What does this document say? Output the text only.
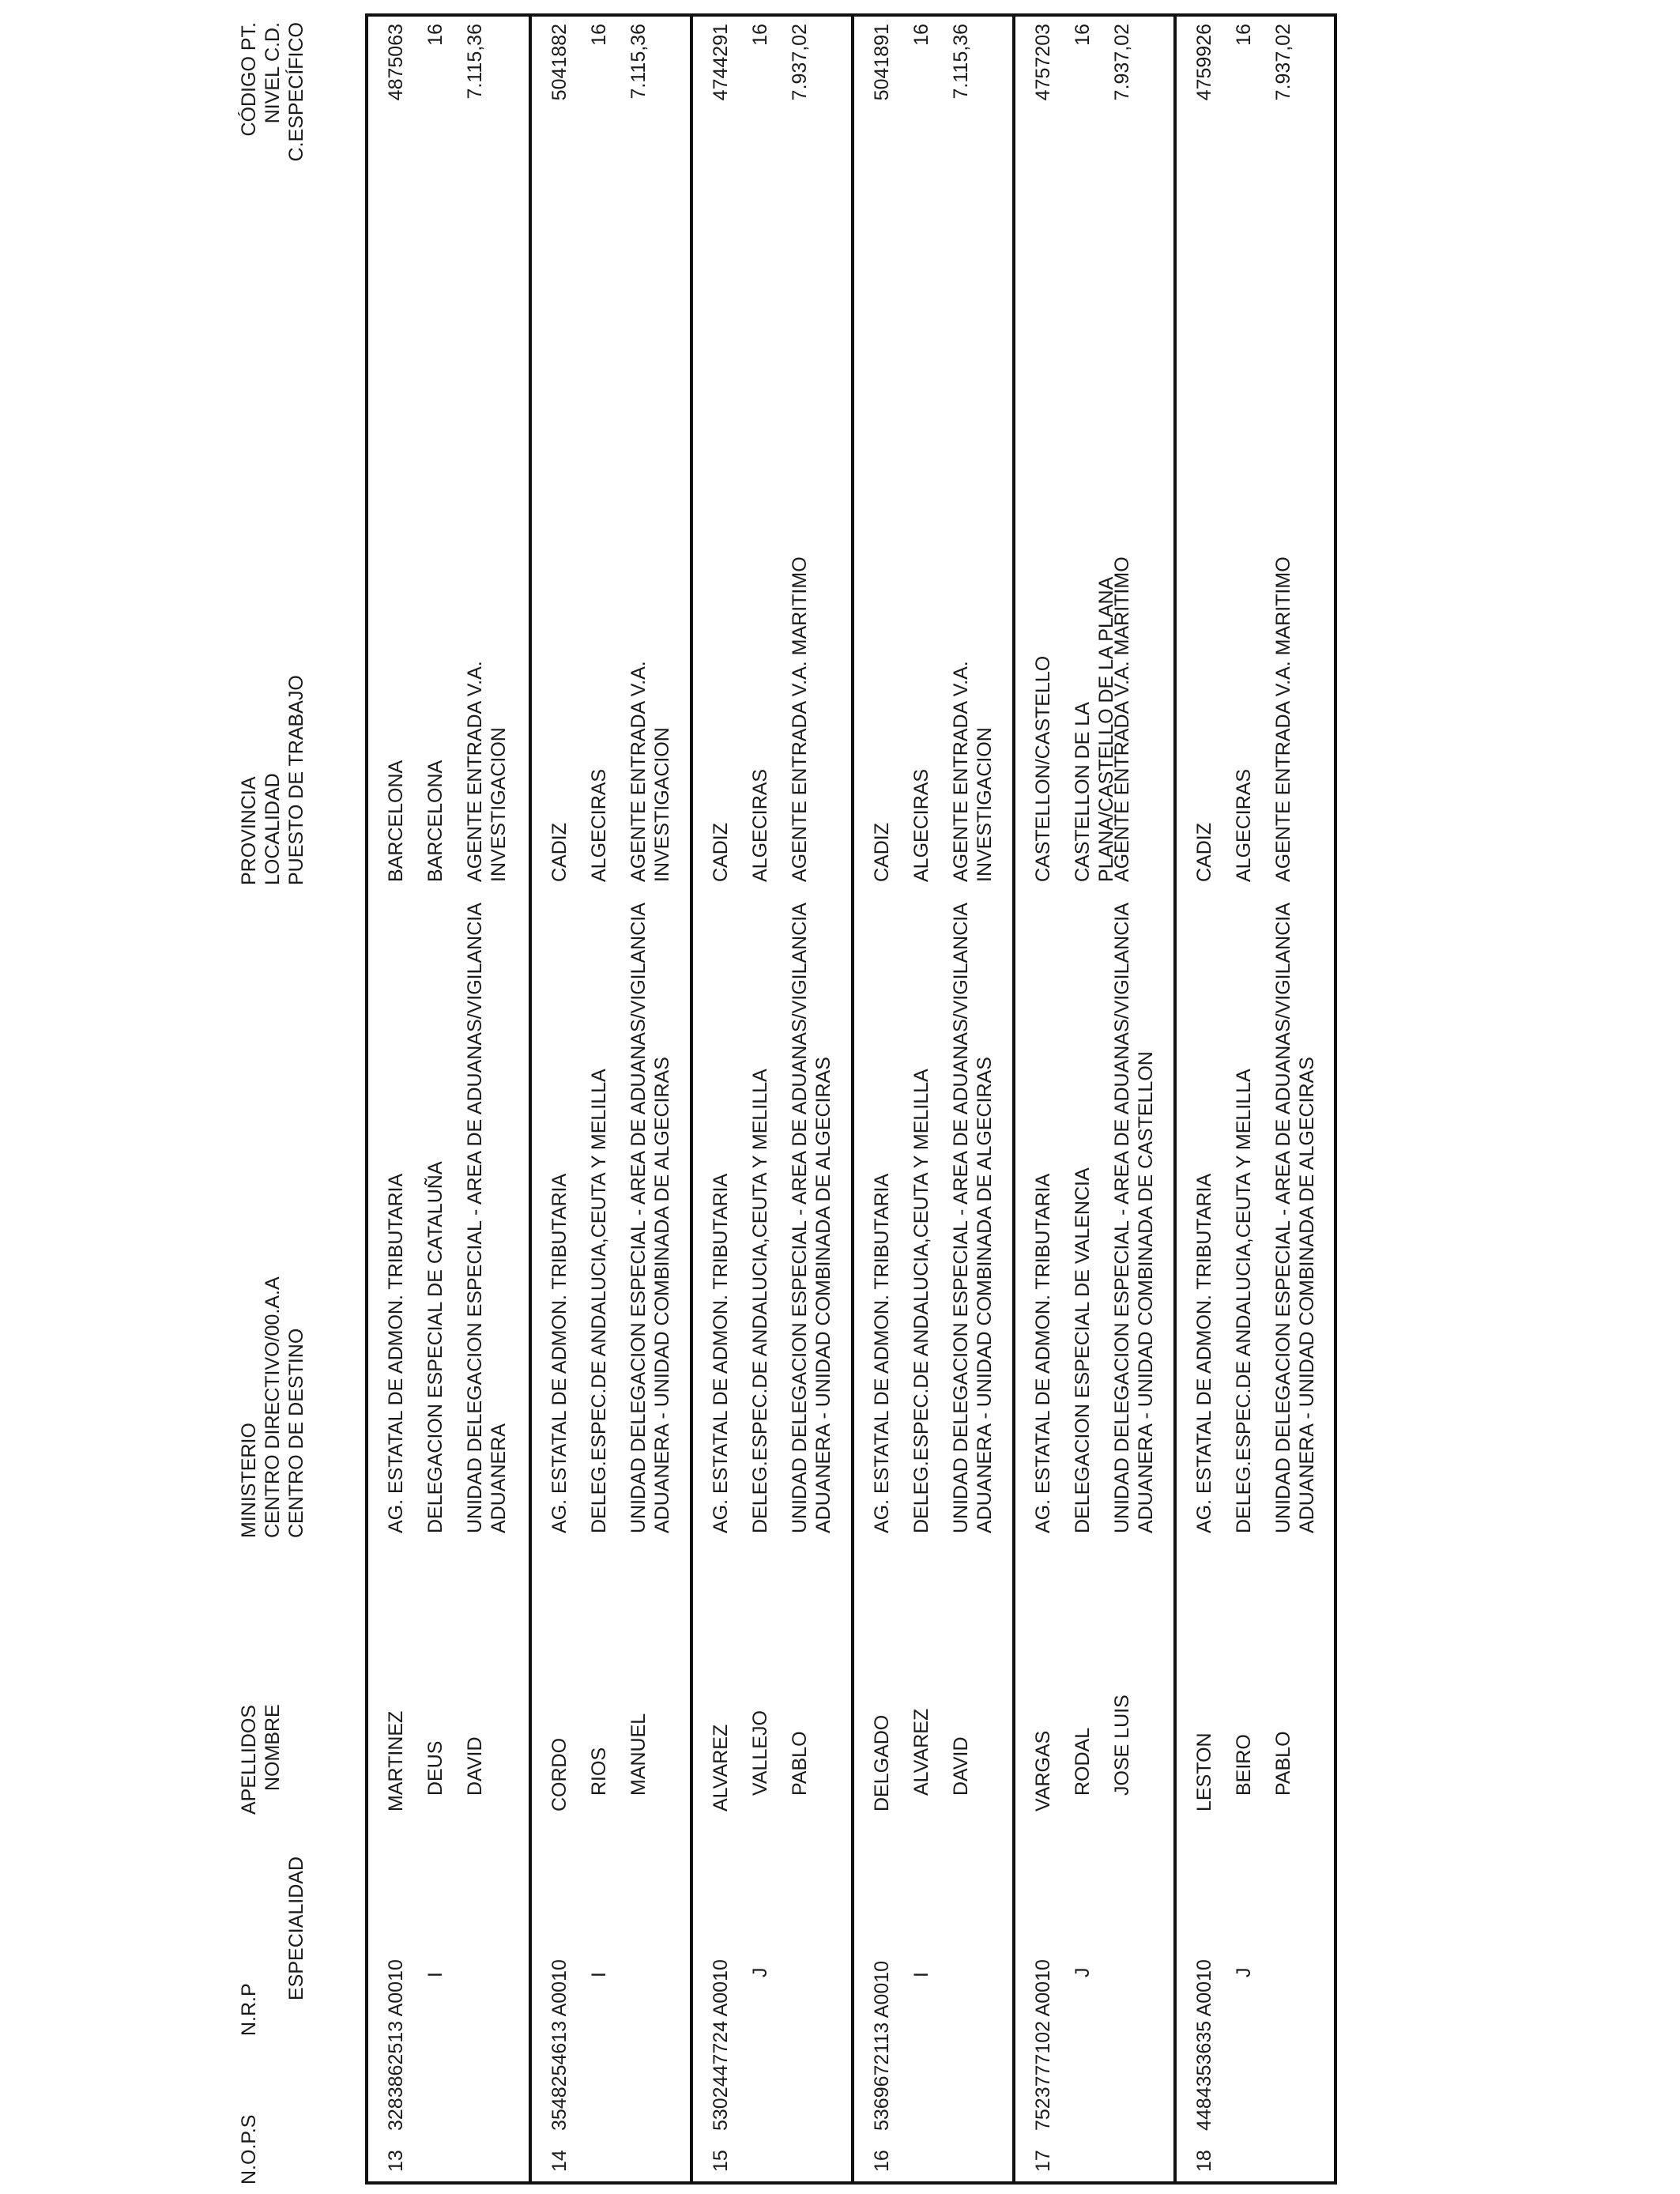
N.O.P.S
N.R.P
ESPECIALIDAD
APELLIDOS NOMBRE
MINISTERIO CENTRO DIRECTIVO/00.A.A CENTRO DE DESTINO
PROVINCIA LOCALIDAD PUESTO DE TRABAJO
CÓDIGO PT. NIVEL C.D. C.ESPECÍFICO
13
3283862513 A0010 I
MARTINEZ DEUS DAVID
AG. ESTATAL DE ADMON. TRIBUTARIA DELEGACION ESPECIAL DE CATALUÑA UNIDAD DELEGACION ESPECIAL - AREA DE ADUANAS/VIGILANCIA ADUANERA
BARCELONA BARCELONA AGENTE ENTRADA V.A. INVESTIGACION
4875063 16 7.115,36
14
3548254613 A0010 I
CORDO RIOS MANUEL
AG. ESTATAL DE ADMON. TRIBUTARIA DELEG.ESPEC.DE ANDALUCIA,CEUTA Y MELILLA UNIDAD DELEGACION ESPECIAL - AREA DE ADUANAS/VIGILANCIA ADUANERA - UNIDAD COMBINADA DE ALGECIRAS
CADIZ ALGECIRAS AGENTE ENTRADA V.A. INVESTIGACION
5041882 16 7.115,36
15
5302447724 A0010 J
ALVAREZ VALLEJO PABLO
AG. ESTATAL DE ADMON. TRIBUTARIA DELEG.ESPEC.DE ANDALUCIA,CEUTA Y MELILLA UNIDAD DELEGACION ESPECIAL - AREA DE ADUANAS/VIGILANCIA ADUANERA - UNIDAD COMBINADA DE ALGECIRAS
CADIZ ALGECIRAS AGENTE ENTRADA V.A. MARITIMO
4744291 16 7.937,02
16
5369672113 A0010 I
DELGADO ALVAREZ DAVID
AG. ESTATAL DE ADMON. TRIBUTARIA DELEG.ESPEC.DE ANDALUCIA,CEUTA Y MELILLA UNIDAD DELEGACION ESPECIAL - AREA DE ADUANAS/VIGILANCIA ADUANERA - UNIDAD COMBINADA DE ALGECIRAS
CADIZ ALGECIRAS AGENTE ENTRADA V.A. INVESTIGACION
5041891 16 7.115,36
17
7523777102 A0010 J
VARGAS RODAL JOSE LUIS
AG. ESTATAL DE ADMON. TRIBUTARIA DELEGACION ESPECIAL DE VALENCIA UNIDAD DELEGACION ESPECIAL - AREA DE ADUANAS/VIGILANCIA ADUANERA - UNIDAD COMBINADA DE CASTELLON
CASTELLON/CASTELLO CASTELLON DE LA PLANA/CASTELLO DE LA PLANA
AGENTE ENTRADA V.A. MARITIMO
4757203 16 7.937,02
18
4484353635 A0010 J
LESTON BEIRO PABLO
AG. ESTATAL DE ADMON. TRIBUTARIA DELEG.ESPEC.DE ANDALUCIA,CEUTA Y MELILLA UNIDAD DELEGACION ESPECIAL - AREA DE ADUANAS/VIGILANCIA ADUANERA - UNIDAD COMBINADA DE ALGECIRAS
CADIZ ALGECIRAS AGENTE ENTRADA V.A. MARITIMO
4759926 16 7.937,02
